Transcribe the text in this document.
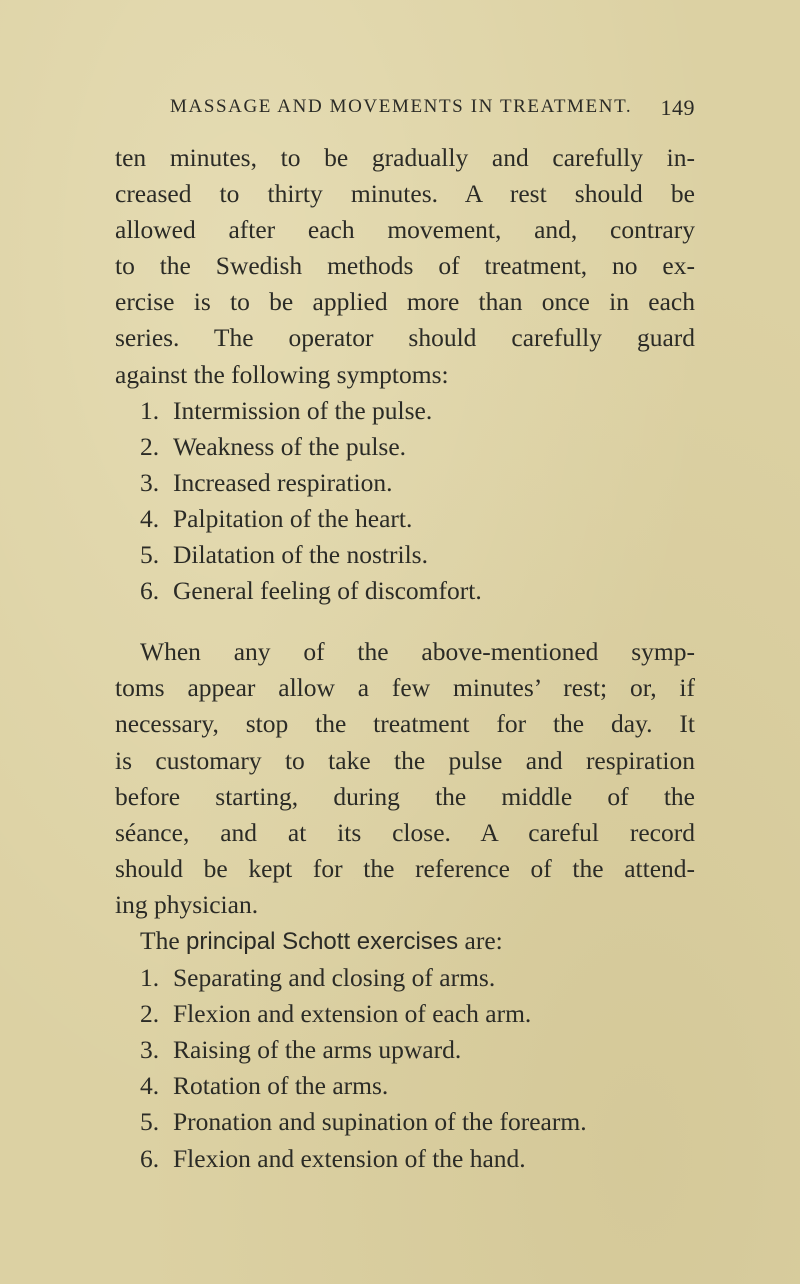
MASSAGE AND MOVEMENTS IN TREATMENT. 149
ten minutes, to be gradually and carefully in-
creased to thirty minutes. A rest should be
allowed after each movement, and, contrary
to the Swedish methods of treatment, no ex-
ercise is to be applied more than once in each
series. The operator should carefully guard
against the following symptoms:
1. Intermission of the pulse.
2. Weakness of the pulse.
3. Increased respiration.
4. Palpitation of the heart.
5. Dilatation of the nostrils.
6. General feeling of discomfort.
When any of the above-mentioned symp-
toms appear allow a few minutes’ rest; or, if
necessary, stop the treatment for the day. It
is customary to take the pulse and respiration
before starting, during the middle of the
séance, and at its close. A careful record
should be kept for the reference of the attend-
ing physician.
The principal Schott exercises are:
1. Separating and closing of arms.
2. Flexion and extension of each arm.
3. Raising of the arms upward.
4. Rotation of the arms.
5. Pronation and supination of the forearm.
6. Flexion and extension of the hand.
